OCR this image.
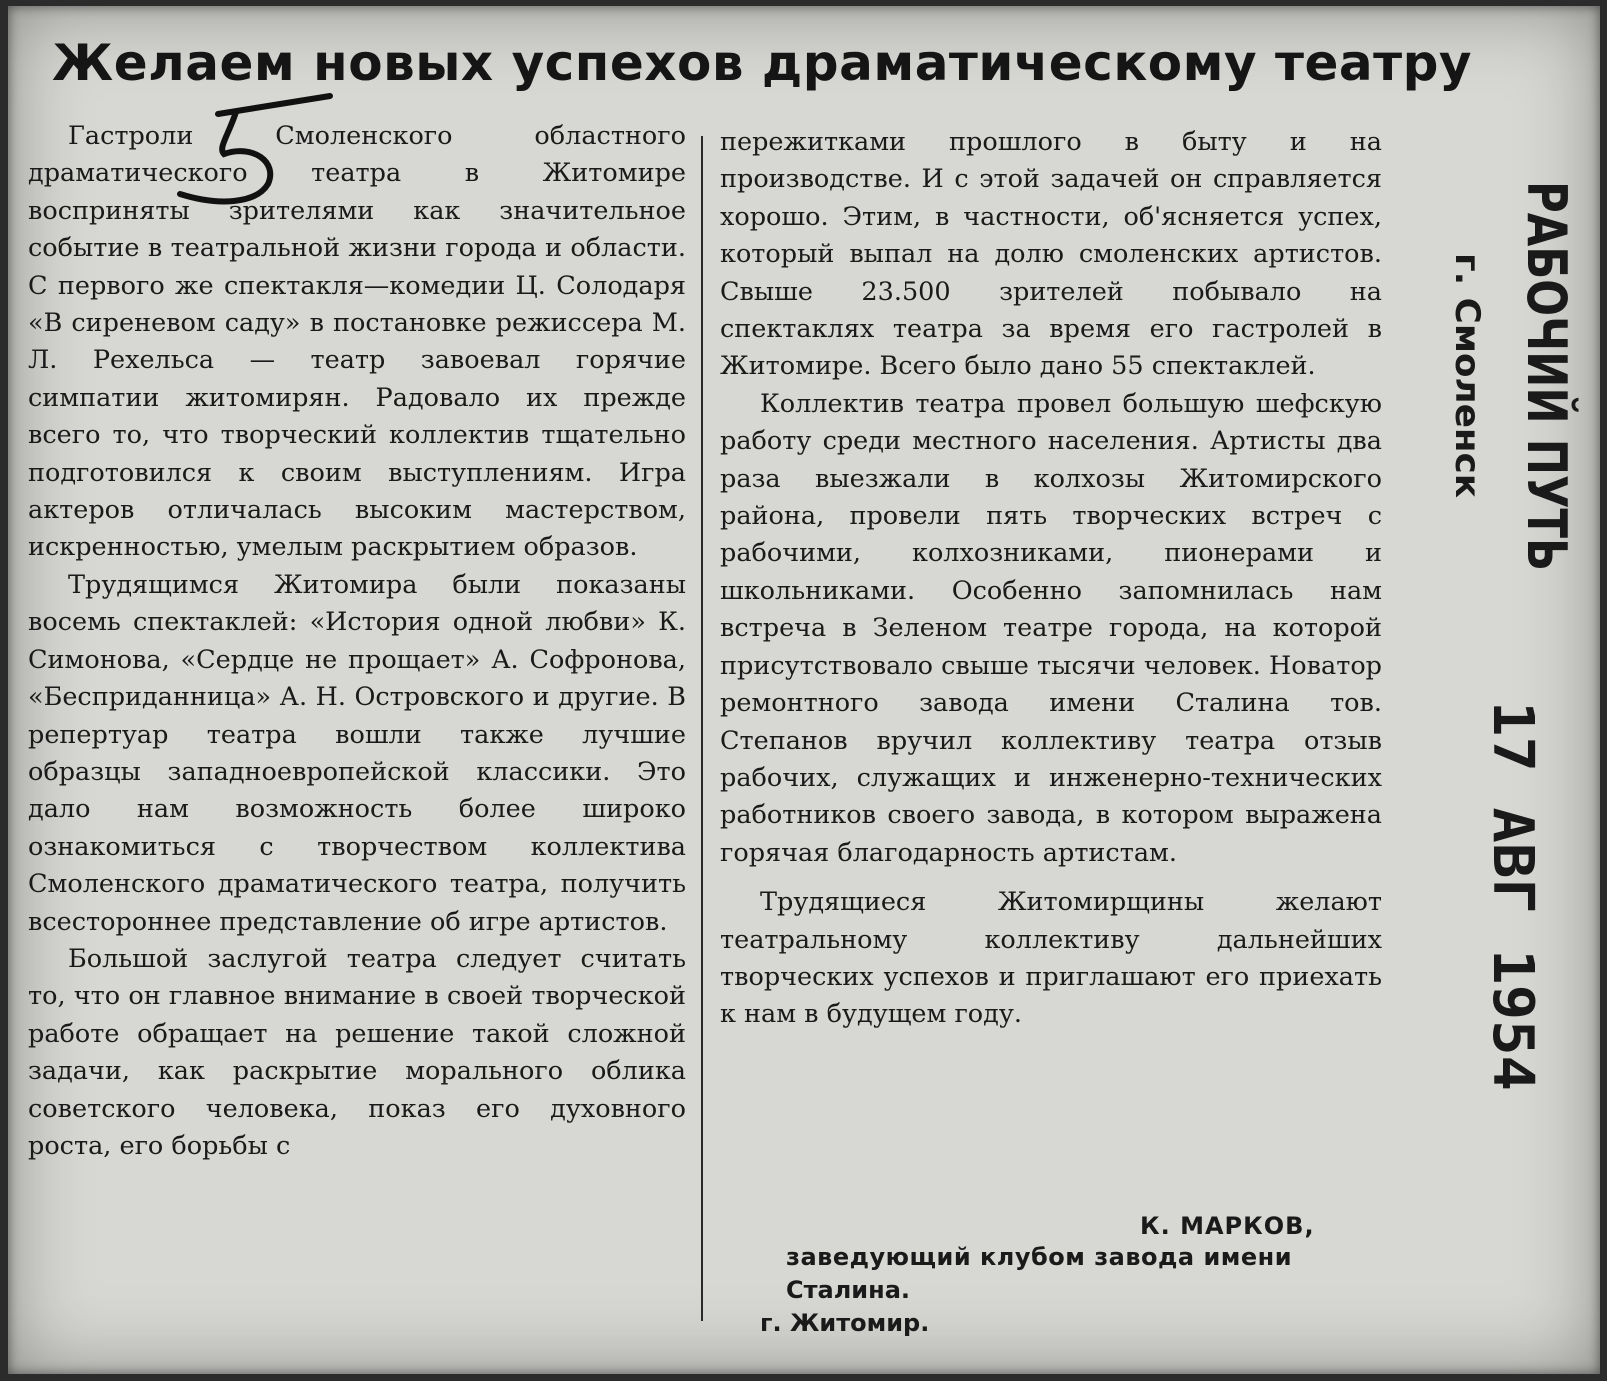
Желаем новых успехов драматическому театру

Гастроли Смоленского областного драматического театра в Житомире восприняты зрителями как значительное событие в театральной жизни города и области. С первого же спектакля—комедии Ц. Солодаря «В сиреневом саду» в постановке режиссера М. Л. Рехельса — театр завоевал горячие симпатии житомирян. Радовало их прежде всего то, что творческий коллектив тщательно подготовился к своим выступлениям. Игра актеров отличалась высоким мастерством, искренностью, умелым раскрытием образов.

Трудящимся Житомира были показаны восемь спектаклей: «История одной любви» К. Симонова, «Сердце не прощает» А. Софронова, «Бесприданница» А. Н. Островского и другие. В репертуар театра вошли также лучшие образцы западноевропейской классики. Это дало нам возможность более широко ознакомиться с творчеством коллектива Смоленского драматического театра, получить всестороннее представление об игре артистов.

Большой заслугой театра следует считать то, что он главное внимание в своей творческой работе обращает на решение такой сложной задачи, как раскрытие морального облика советского человека, показ его духовного роста, его борьбы с

пережитками прошлого в быту и на производстве. И с этой задачей он справляется хорошо. Этим, в частности, об'ясняется успех, который выпал на долю смоленских артистов. Свыше 23.500 зрителей побывало на спектаклях театра за время его гастролей в Житомире. Всего было дано 55 спектаклей.

Коллектив театра провел большую шефскую работу среди местного населения. Артисты два раза выезжали в колхозы Житомирского района, провели пять творческих встреч с рабочими, колхозниками, пионерами и школьниками. Особенно запомнилась нам встреча в Зеленом театре города, на которой присутствовало свыше тысячи человек. Новатор ремонтного завода имени Сталина тов. Степанов вручил коллективу театра отзыв рабочих, служащих и инженерно-технических работников своего завода, в котором выражена горячая благодарность артистам.

Трудящиеся Житомирщины желают театральному коллективу дальнейших творческих успехов и приглашают его приехать к нам в будущем году.

К. МАРКОВ,
заведующий клубом завода имени
Сталина.
г. Житомир.
РАБОЧИЙ ПУТЬ
г. Смоленск
17 АВГ 1954
